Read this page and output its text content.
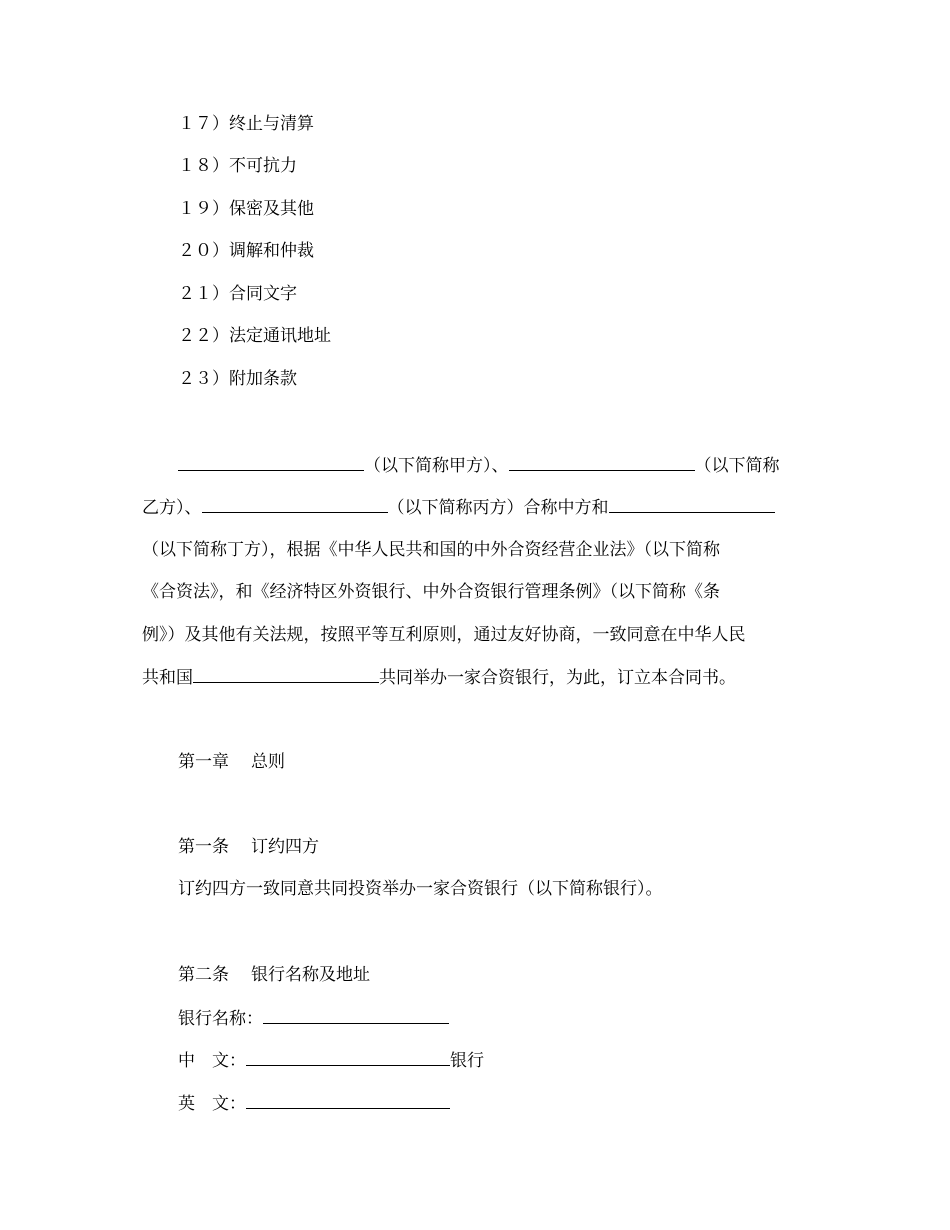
１７）终止与清算
１８）不可抗力
１９）保密及其他
２０）调解和仲裁
２１）合同文字
２２）法定通讯地址
２３）附加条款
（以下简称甲方）、	（以下简称
乙方）、	（以下简称丙方）合称中方和
（以下简称丁方），根据《中华人民共和国的中外合资经营企业法》（以下简称
《合资法》，和《经济特区外资银行、中外合资银行管理条例》（以下简称《条
例》）及其他有关法规，按照平等互利原则，通过友好协商，一致同意在中华人民
共和国	共同举办一家合资银行，为此，订立本合同书。
第一章 总则
第一条 订约四方
订约四方一致同意共同投资举办一家合资银行（以下简称银行）。
第二条 银行名称及地址
银行名称：
中　文：	银行
英　文：
